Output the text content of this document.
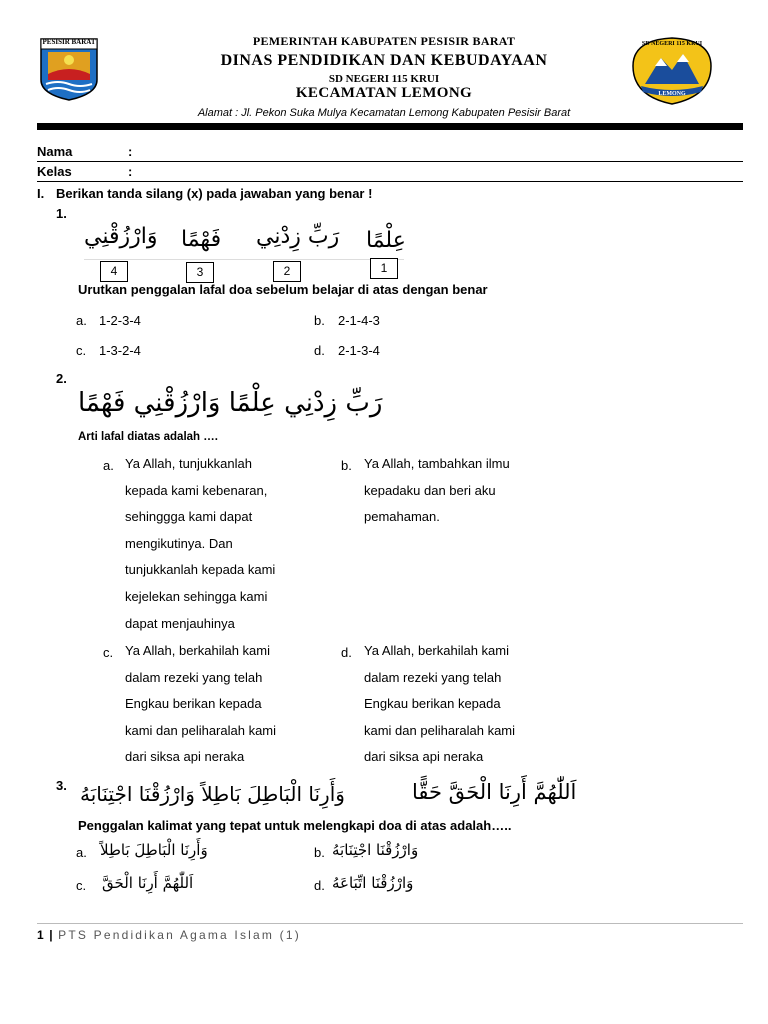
PESISIR BARAT	SD NEGERI 115 KRUI
LEMONG
PEMERINTAH KABUPATEN PESISIR BARAT
DINAS PENDIDIKAN DAN KEBUDAYAAN
SD NEGERI 115 KRUI
KECAMATAN LEMONG
Alamat : Jl. Pekon Suka Mulya Kecamatan Lemong Kabupaten Pesisir Barat
Nama	:
Kelas	:
I. Berikan tanda silang (x) pada jawaban yang benar !
1.
وَارْزُقْنِي فَهْمًا رَبِّ زِدْنِي عِلْمًا
4	3	2	1
Urutkan penggalan lafal doa sebelum belajar di atas dengan benar
a. 1-2-3-4	b. 2-1-4-3
c. 1-3-2-4	d. 2-1-3-4
2.
رَبِّ زِدْنِي عِلْمًا وَارْزُقْنِي فَهْمًا
Arti lafal diatas adalah ….
a. Ya Allah, tunjukkanlah
kepada kami kebenaran,
sehinggga kami dapat
mengikutinya. Dan
tunjukkanlah kepada kami
kejelekan sehingga kami
dapat menjauhinya
b. Ya Allah, tambahkan ilmu
kepadaku dan beri aku
pemahaman.
c. Ya Allah, berkahilah kami
dalam rezeki yang telah
Engkau berikan kepada
kami dan peliharalah kami
dari siksa api neraka
d. Ya Allah, berkahilah kami
dalam rezeki yang telah
Engkau berikan kepada
kami dan peliharalah kami
dari siksa api neraka
3. وَأَرِنَا الْبَاطِلَ بَاطِلاً وَارْزُقْنَا اجْتِنَابَهُ	اَللّٰهُمَّ أَرِنَا الْحَقَّ حَقًّا
Penggalan kalimat yang tepat untuk melengkapi doa di atas adalah…..
a. وَأَرِنَا الْبَاطِلَ بَاطِلاً	b. وَارْزُقْنَا اجْتِنَابَهُ
c. اَللّٰهُمَّ أَرِنَا الْحَقَّ	d. وَارْزُقْنَا اتِّبَاعَهُ
1 | PTS Pendidikan Agama Islam (1)
